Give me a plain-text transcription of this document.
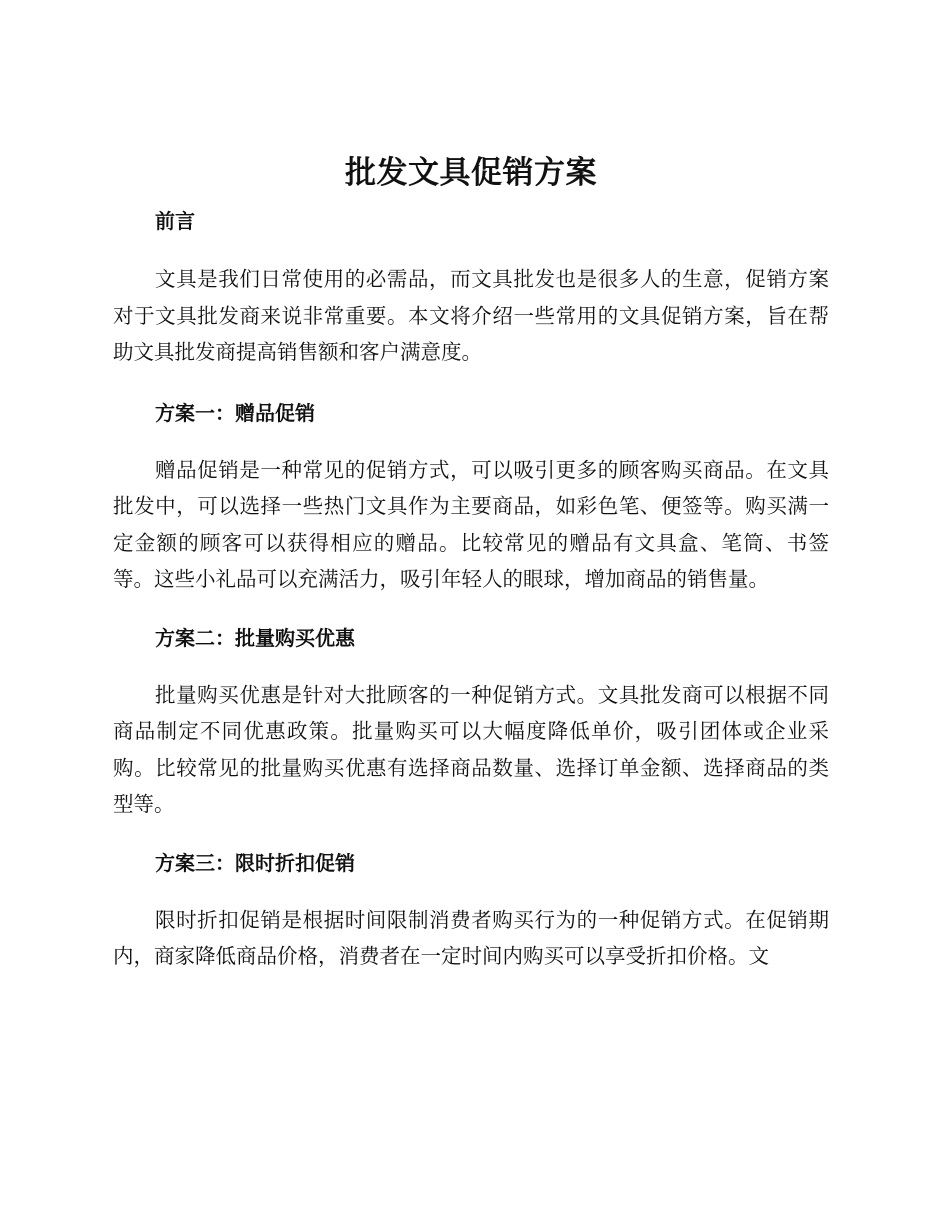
批发文具促销方案
前言

文具是我们日常使用的必需品，而文具批发也是很多人的生意，促销方案对于文具批发商来说非常重要。本文将介绍一些常用的文具促销方案，旨在帮助文具批发商提高销售额和客户满意度。

方案一：赠品促销

赠品促销是一种常见的促销方式，可以吸引更多的顾客购买商品。在文具批发中，可以选择一些热门文具作为主要商品，如彩色笔、便签等。购买满一定金额的顾客可以获得相应的赠品。比较常见的赠品有文具盒、笔筒、书签等。这些小礼品可以充满活力，吸引年轻人的眼球，增加商品的销售量。

方案二：批量购买优惠

批量购买优惠是针对大批顾客的一种促销方式。文具批发商可以根据不同商品制定不同优惠政策。批量购买可以大幅度降低单价，吸引团体或企业采购。比较常见的批量购买优惠有选择商品数量、选择订单金额、选择商品的类型等。

方案三：限时折扣促销

限时折扣促销是根据时间限制消费者购买行为的一种促销方式。在促销期内，商家降低商品价格，消费者在一定时间内购买可以享受折扣价格。文
